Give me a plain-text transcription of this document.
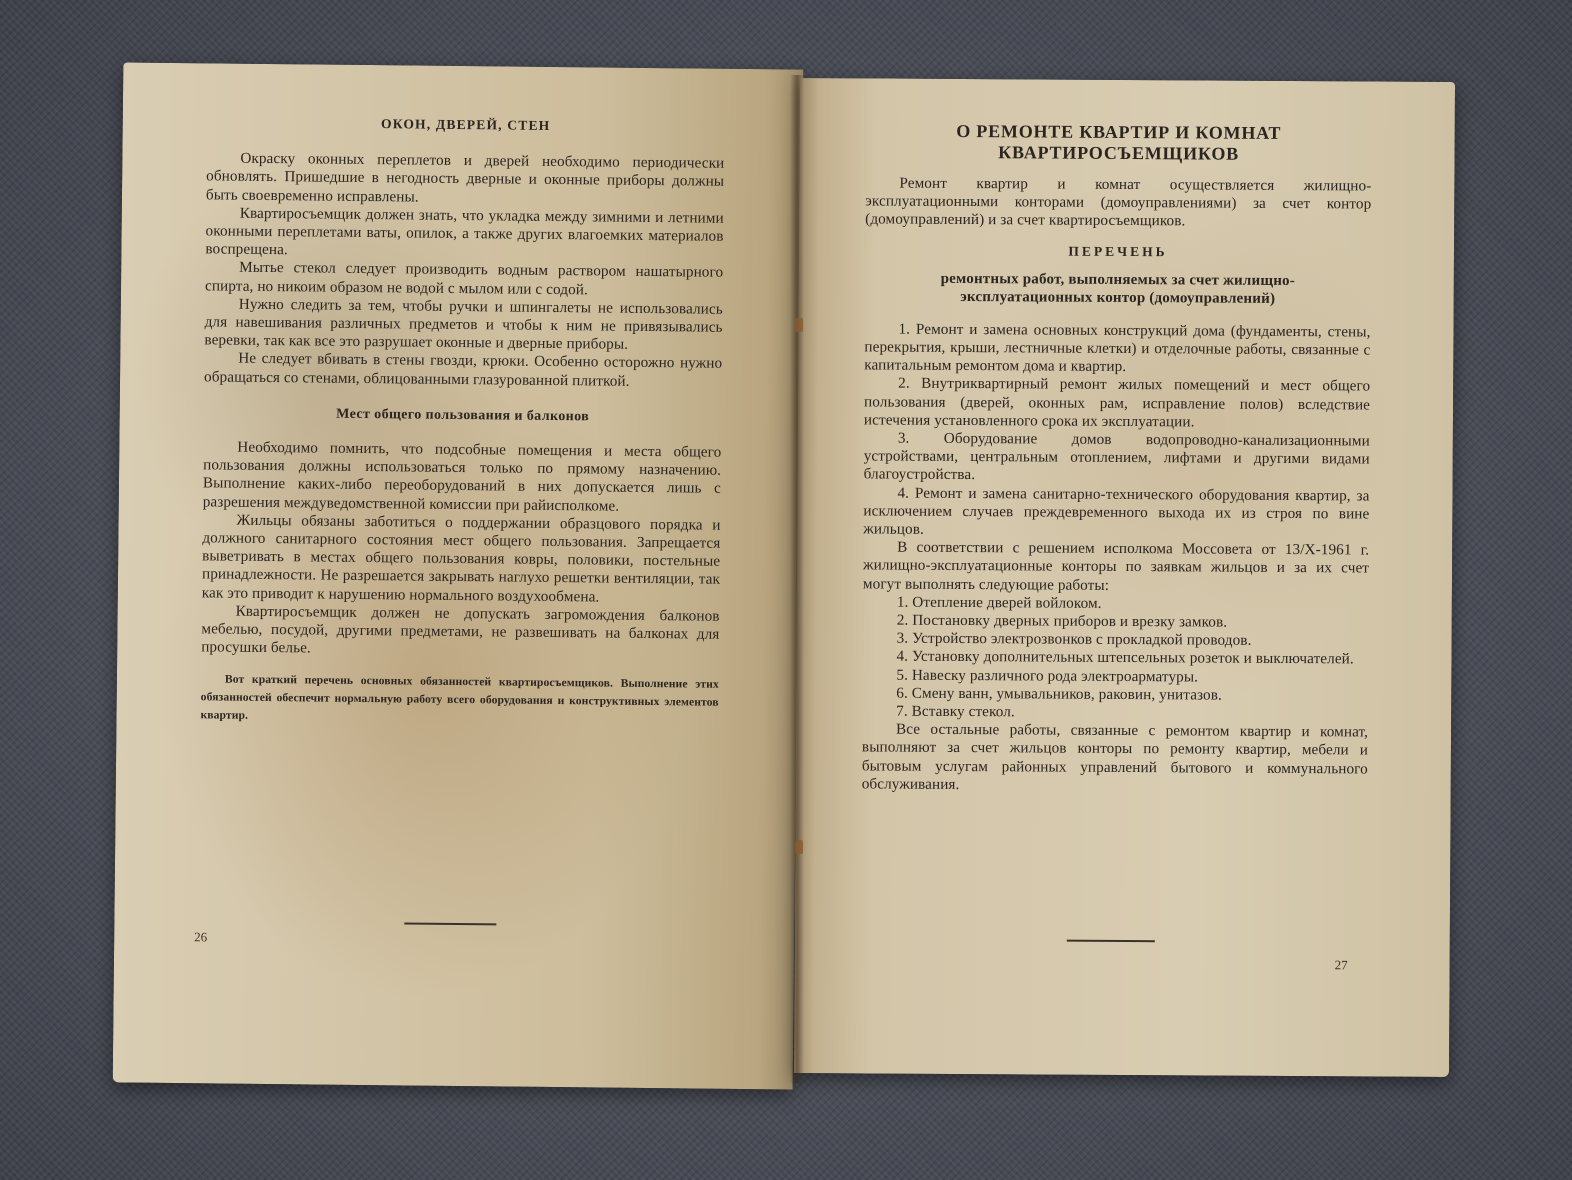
ОКОН, ДВЕРЕЙ, СТЕН

Окраску оконных переплетов и дверей необходимо периодически обновлять. Пришедшие в негодность дверные и оконные приборы должны быть своевременно исправлены.

Квартиросъемщик должен знать, что укладка между зимними и летними оконными переплетами ваты, опилок, а также других влагоемких материалов воспрещена.

Мытье стекол следует производить водным раствором нашатырного спирта, но никоим образом не водой с мылом или с содой.

Нужно следить за тем, чтобы ручки и шпингалеты не использовались для навешивания различных предметов и чтобы к ним не привязывались веревки, так как все это разрушает оконные и дверные приборы.

Не следует вбивать в стены гвозди, крюки. Особенно осторожно нужно обращаться со стенами, облицованными глазурованной плиткой.

Мест общего пользования и балконов

Необходимо помнить, что подсобные помещения и места общего пользования должны использоваться только по прямому назначению. Выполнение каких-либо переоборудований в них допускается лишь с разрешения междуведомственной комиссии при райисполкоме.

Жильцы обязаны заботиться о поддержании образцового порядка и должного санитарного состояния мест общего пользования. Запрещается выветривать в местах общего пользования ковры, половики, постельные принадлежности. Не разрешается закрывать наглухо решетки вентиляции, так как это приводит к нарушению нормального воздухообмена.

Квартиросъемщик должен не допускать загромождения балконов мебелью, посудой, другими предметами, не развешивать на балконах для просушки белье.

Вот краткий перечень основных обязанностей квартиросъемщиков. Выполнение этих обязанностей обеспечит нормальную работу всего оборудования и конструктивных элементов квартир.

26
О РЕМОНТЕ КВАРТИР И КОМНАТ КВАРТИРОСЪЕМЩИКОВ

Ремонт квартир и комнат осуществляется жилищно-эксплуатационными конторами (домоуправлениями) за счет контор (домоуправлений) и за счет квартиросъемщиков.

ПЕРЕЧЕНЬ
ремонтных работ, выполняемых за счет жилищно-эксплуатационных контор (домоуправлений)

1. Ремонт и замена основных конструкций дома (фундаменты, стены, перекрытия, крыши, лестничные клетки) и отделочные работы, связанные с капитальным ремонтом дома и квартир.

2. Внутриквартирный ремонт жилых помещений и мест общего пользования (дверей, оконных рам, исправление полов) вследствие истечения установленного срока их эксплуатации.

3. Оборудование домов водопроводно-канализационными устройствами, центральным отоплением, лифтами и другими видами благоустройства.

4. Ремонт и замена санитарно-технического оборудования квартир, за исключением случаев преждевременного выхода их из строя по вине жильцов.

В соответствии с решением исполкома Моссовета от 13/X-1961 г. жилищно-эксплуатационные конторы по заявкам жильцов и за их счет могут выполнять следующие работы:

1. Отепление дверей войлоком.

2. Постановку дверных приборов и врезку замков.

3. Устройство электрозвонков с прокладкой проводов.

4. Установку дополнительных штепсельных розеток и выключателей.

5. Навеску различного рода электроарматуры.

6. Смену ванн, умывальников, раковин, унитазов.

7. Вставку стекол.

Все остальные работы, связанные с ремонтом квартир и комнат, выполняют за счет жильцов конторы по ремонту квартир, мебели и бытовым услугам районных управлений бытового и коммунального обслуживания.

27
